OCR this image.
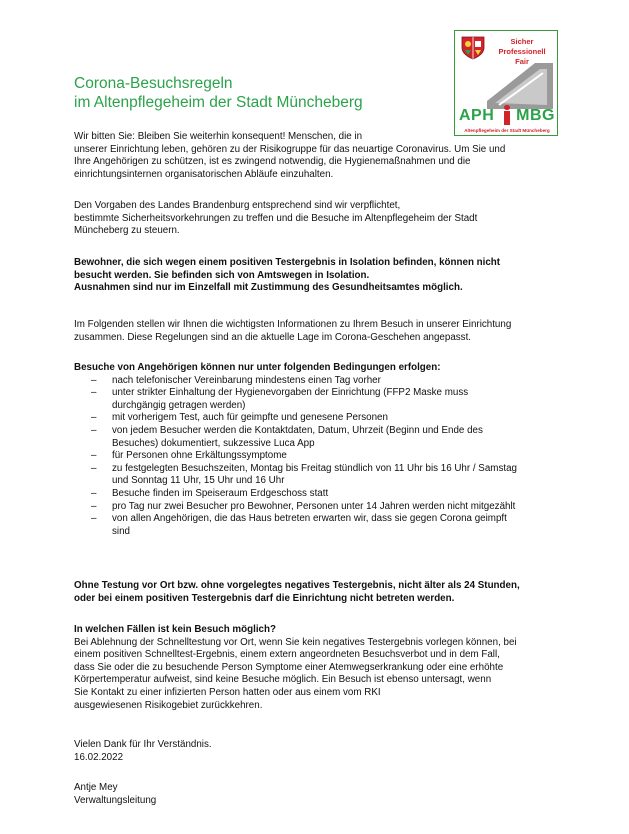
Corona-Besuchsregeln
im Altenpflegeheim der Stadt Müncheberg
Sicher
Professionell
Fair
APH MBG
Altenpflegeheim der Stadt Müncheberg

Wir bitten Sie: Bleiben Sie weiterhin konsequent! Menschen, die in

unserer Einrichtung leben, gehören zu der Risikogruppe für das neuartige Coronavirus. Um Sie und

Ihre Angehörigen zu schützen, ist es zwingend notwendig, die Hygienemaßnahmen und die

einrichtungsinternen organisatorischen Abläufe einzuhalten.

Den Vorgaben des Landes Brandenburg entsprechend sind wir verpflichtet,

bestimmte Sicherheitsvorkehrungen zu treffen und die Besuche im Altenpflegeheim der Stadt

Müncheberg zu steuern.

Bewohner, die sich wegen einem positiven Testergebnis in Isolation befinden, können nicht

besucht werden. Sie befinden sich von Amtswegen in Isolation.

Ausnahmen sind nur im Einzelfall mit Zustimmung des Gesundheitsamtes möglich.

Im Folgenden stellen wir Ihnen die wichtigsten Informationen zu Ihrem Besuch in unserer Einrichtung

zusammen. Diese Regelungen sind an die aktuelle Lage im Corona-Geschehen angepasst.

Besuche von Angehörigen können nur unter folgenden Bedingungen erfolgen:

– nach telefonischer Vereinbarung mindestens einen Tag vorher
– unter strikter Einhaltung der Hygienevorgaben der Einrichtung (FFP2 Maske muss
durchgängig getragen werden)
– mit vorherigem Test, auch für geimpfte und genesene Personen
– von jedem Besucher werden die Kontaktdaten, Datum, Uhrzeit (Beginn und Ende des
Besuches) dokumentiert, sukzessive Luca App
– für Personen ohne Erkältungssymptome
– zu festgelegten Besuchszeiten, Montag bis Freitag stündlich von 11 Uhr bis 16 Uhr / Samstag
und Sonntag 11 Uhr, 15 Uhr und 16 Uhr
– Besuche finden im Speiseraum Erdgeschoss statt
– pro Tag nur zwei Besucher pro Bewohner, Personen unter 14 Jahren werden nicht mitgezählt
– von allen Angehörigen, die das Haus betreten erwarten wir, dass sie gegen Corona geimpft
sind

Ohne Testung vor Ort bzw. ohne vorgelegtes negatives Testergebnis, nicht älter als 24 Stunden,

oder bei einem positiven Testergebnis darf die Einrichtung nicht betreten werden.

In welchen Fällen ist kein Besuch möglich?

Bei Ablehnung der Schnelltestung vor Ort, wenn Sie kein negatives Testergebnis vorlegen können, bei

einem positiven Schnelltest-Ergebnis, einem extern angeordneten Besuchsverbot und in dem Fall,

dass Sie oder die zu besuchende Person Symptome einer Atemwegserkrankung oder eine erhöhte

Körpertemperatur aufweist, sind keine Besuche möglich. Ein Besuch ist ebenso untersagt, wenn

Sie Kontakt zu einer infizierten Person hatten oder aus einem vom RKI

ausgewiesenen Risikogebiet zurückkehren.

Vielen Dank für Ihr Verständnis.

16.02.2022

Antje Mey

Verwaltungsleitung
